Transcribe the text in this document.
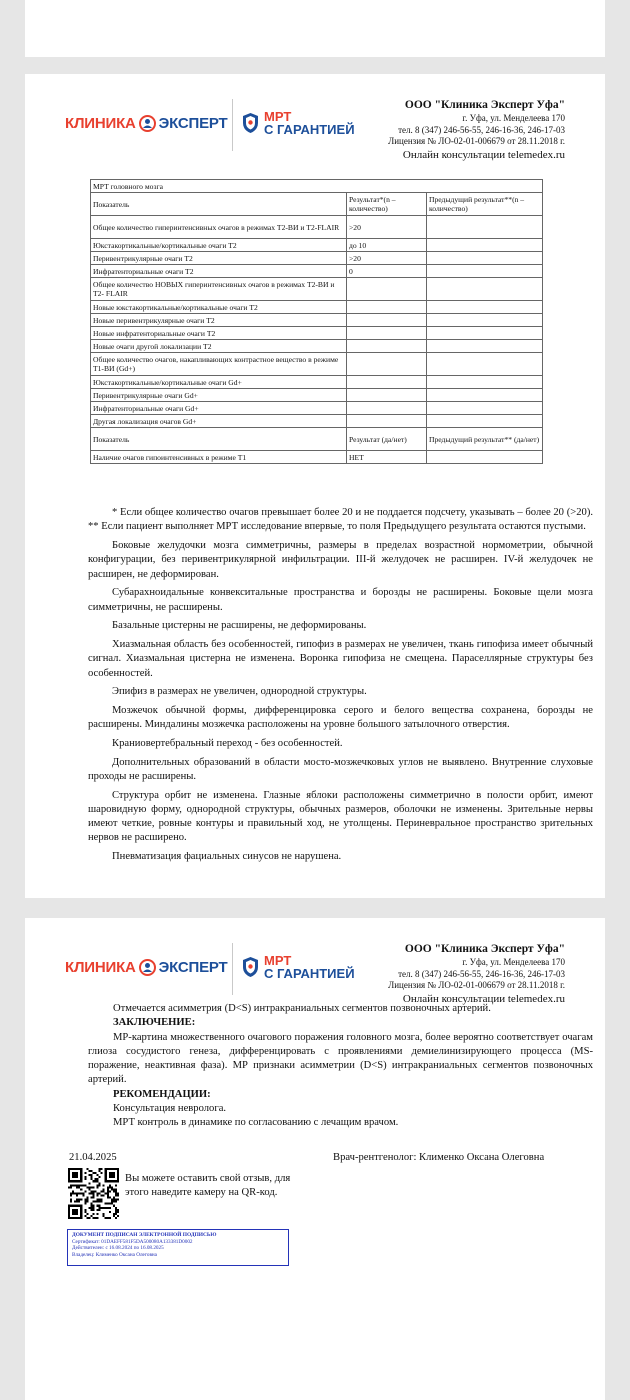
КЛИНИКА ЭКСПЕРТ	МРТ
С ГАРАНТИЕЙ
ООО "Клиника Эксперт Уфа"
г. Уфа, ул. Менделеева 170
тел. 8 (347) 246-56-55, 246-16-36, 246-17-03
Лицензия № ЛО-02-01-006679 от 28.11.2018 г.
Онлайн консультации telemedex.ru
МРТ головного мозга		
Показатель	Результат*(n – количество)	Предыдущий результат**(n – количество)
Общее количество гиперинтенсивных очагов в режимах Т2-ВИ и Т2-FLAIR	>20	
Юкстакортикальные/кортикальные очаги Т2	до 10	
Перивентрикулярные очаги Т2	>20	
Инфратенториальные очаги Т2	0	
Общее количество НОВЫХ гиперинтенсивных очагов в режимах Т2-ВИ и Т2- FLAIR		
Новые юкстакортикальные/кортикальные очаги Т2		
Новые перивентрикулярные очаги Т2		
Новые инфратенториальные очаги Т2		
Новые очаги другой локализации Т2		
Общее количество очагов, накапливающих контрастное вещество в режиме Т1-ВИ (Gd+)		
Юкстакортикальные/кортикальные очаги Gd+		
Перивентрикулярные очаги Gd+		
Инфратенториальные очаги Gd+		
Другая локализация очагов Gd+		
Показатель	Результат (да/нет)	Предыдущий результат** (да/нет)
Наличие очагов гипоинтенсивных в режиме Т1	НЕТ	

* Если общее количество очагов превышает более 20 и не поддается подсчету, указывать – более 20 (>20). ** Если пациент выполняет МРТ исследование впервые, то поля Предыдущего результата остаются пустыми.

Боковые желудочки мозга симметричны, размеры в пределах возрастной нормометрии, обычной конфигурации, без перивентрикулярной инфильтрации. III-й желудочек не расширен. IV-й желудочек не расширен, не деформирован.

Субарахноидальные конвекситальные пространства и борозды не расширены. Боковые щели мозга симметричны, не расширены.

Базальные цистерны не расширены, не деформированы.

Хиазмальная область без особенностей, гипофиз в размерах не увеличен, ткань гипофиза имеет обычный сигнал. Хиазмальная цистерна не изменена. Воронка гипофиза не смещена. Параселлярные структуры без особенностей.

Эпифиз в размерах не увеличен, однородной структуры.

Мозжечок обычной формы, дифференцировка серого и белого вещества сохранена, борозды не расширены. Миндалины мозжечка расположены на уровне большого затылочного отверстия.

Краниовертебральный переход - без особенностей.

Дополнительных образований в области мосто-мозжечковых углов не выявлено. Внутренние слуховые проходы не расширены.

Структура орбит не изменена. Глазные яблоки расположены симметрично в полости орбит, имеют шаровидную форму, однородной структуры, обычных размеров, оболочки не изменены. Зрительные нервы имеют четкие, ровные контуры и правильный ход, не утолщены. Периневральное пространство зрительных нервов не расширено.

Пневматизация фациальных синусов не нарушена.

КЛИНИКА ЭКСПЕРТ	МРТ
С ГАРАНТИЕЙ
ООО "Клиника Эксперт Уфа"
г. Уфа, ул. Менделеева 170
тел. 8 (347) 246-56-55, 246-16-36, 246-17-03
Лицензия № ЛО-02-01-006679 от 28.11.2018 г.
Онлайн консультации telemedex.ru

Отмечается асимметрия (D<S) интракраниальных сегментов позвоночных артерий.

ЗАКЛЮЧЕНИЕ:

МР-картина множественного очагового поражения головного мозга, более вероятно соответствует очагам глиоза сосудистого генеза, дифференцировать с проявлениями демиелинизирующего процесса (MS-поражение, неактивная фаза). МР признаки асимметрии (D<S) интракраниальных сегментов позвоночных артерий.

РЕКОМЕНДАЦИИ:

Консультация невролога.

МРТ контроль в динамике по согласованию с лечащим врачом.

21.04.2025	Врач-рентгенолог: Клименко Оксана Олеговна
Вы можете оставить свой отзыв, для этого наведите камеру на QR-код.
ДОКУМЕНТ ПОДПИСАН ЭЛЕКТРОННОЙ ПОДПИСЬЮ
Сертификат: 01DAEFF581F5DA500080A133381D0002
Действителен: с 16.08.2024 по 16.08.2025
Владелец: Клименко Оксана Олеговна
